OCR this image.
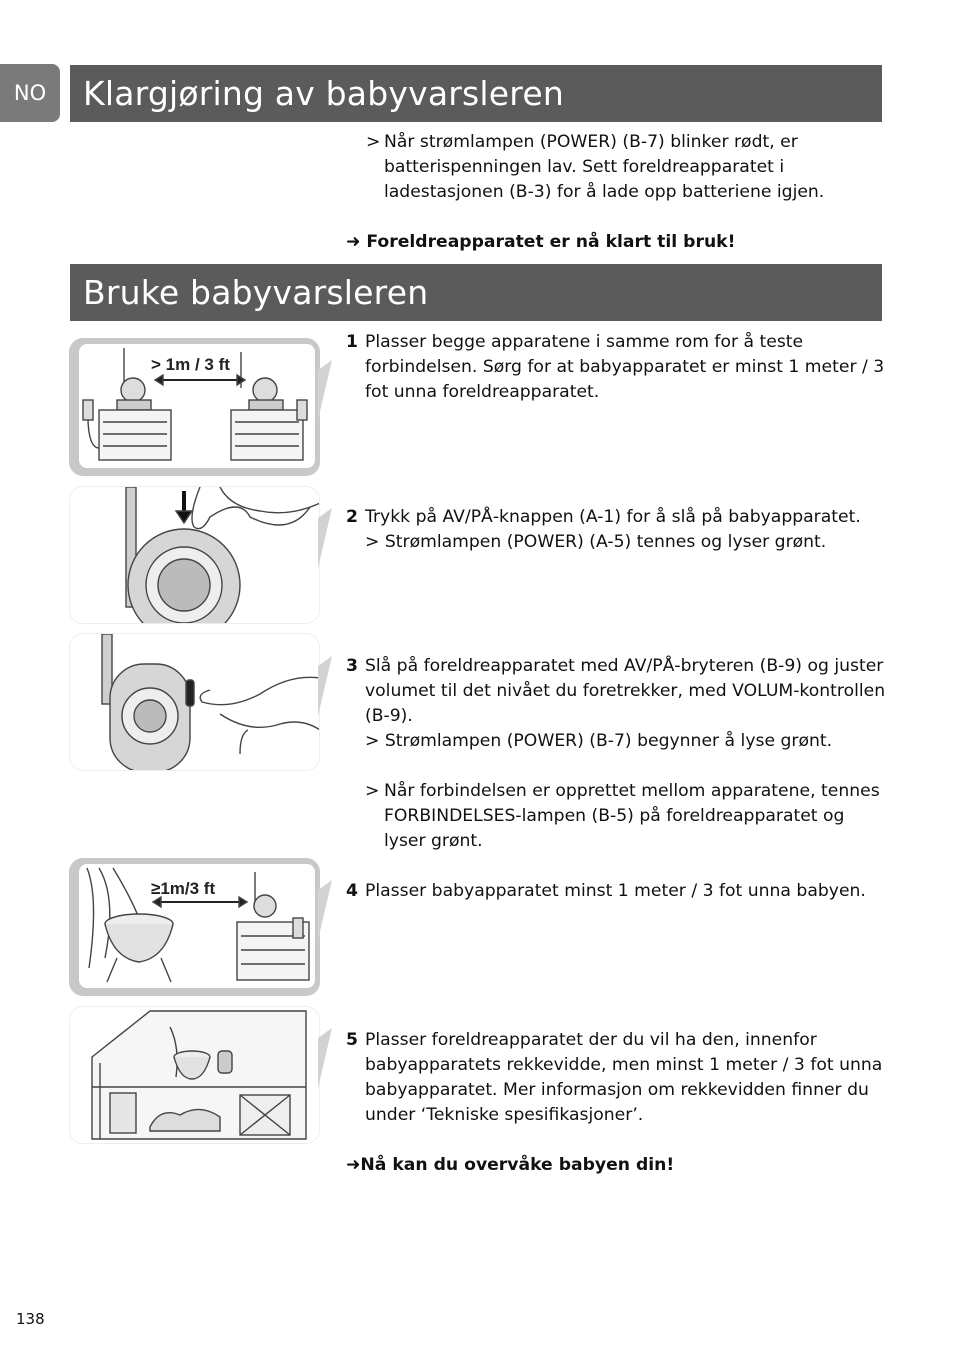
NO Klargjøring av babyvarsleren
> Når strømlampen (POWER) (B-7) blinker rødt, er batterispenningen lav. Sett foreldreapparatet i ladestasjonen (B-3) for å lade opp batteriene igjen.
➜ Foreldreapparatet er nå klart til bruk!
Bruke babyvarsleren
> 1m / 3 ft
≥1m/3 ft
1 Plasser begge apparatene i samme rom for å teste forbindelsen. Sørg for at babyapparatet er minst 1 meter / 3 fot unna foreldreapparatet.
2 Trykk på AV/PÅ-knappen (A-1) for å slå på babyapparatet.
> Strømlampen (POWER) (A-5) tennes og lyser grønt.
3 Slå på foreldreapparatet med AV/PÅ-bryteren (B-9) og juster volumet til det nivået du foretrekker, med VOLUM-kontrollen (B-9).
> Strømlampen (POWER) (B-7) begynner å lyse grønt.
> Når forbindelsen er opprettet mellom apparatene, tennes FORBINDELSES-lampen (B-5) på foreldreapparatet og lyser grønt.
4 Plasser babyapparatet minst 1 meter / 3 fot unna babyen.
5 Plasser foreldreapparatet der du vil ha den, innenfor babyapparatets rekkevidde, men minst 1 meter / 3 fot unna babyapparatet. Mer informasjon om rekkevidden finner du under ‘Tekniske spesifikasjoner’.
➜Nå kan du overvåke babyen din!
138
